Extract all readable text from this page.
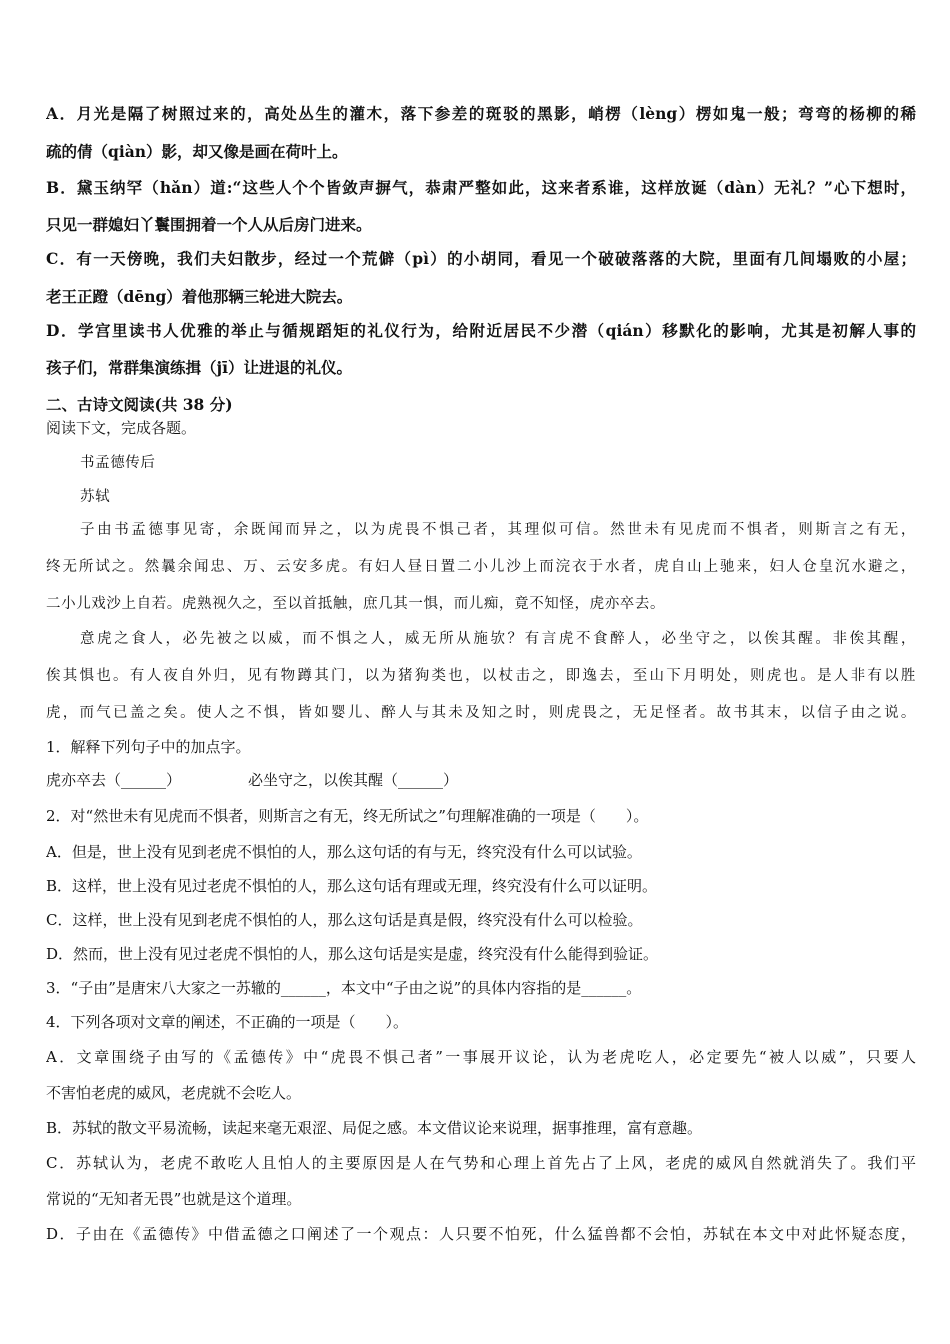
A．月光是隔了树照过来的，高处丛生的灌木，落下参差的斑驳的黑影，峭楞（lèng）楞如鬼一般；弯弯的杨柳的稀
疏的倩（qiàn）影，却又像是画在荷叶上。
B．黛玉纳罕（hǎn）道:“这些人个个皆敛声摒气，恭肃严整如此，这来者系谁，这样放诞（dàn）无礼？”心下想时，
只见一群媳妇丫鬟围拥着一个人从后房门进来。
C．有一天傍晚，我们夫妇散步，经过一个荒僻（pì）的小胡同，看见一个破破落落的大院，里面有几间塌败的小屋；
老王正蹬（dēng）着他那辆三轮进大院去。
D．学宫里读书人优雅的举止与循规蹈矩的礼仪行为，给附近居民不少潜（qián）移默化的影响，尤其是初解人事的
孩子们，常群集演练揖（jī）让进退的礼仪。
二、古诗文阅读(共 38 分)
阅读下文，完成各题。
书孟德传后
苏轼
子由书孟德事见寄，余既闻而异之，以为虎畏不惧己者，其理似可信。然世未有见虎而不惧者，则斯言之有无，
终无所试之。然曩余闻忠、万、云安多虎。有妇人昼日置二小儿沙上而浣衣于水者，虎自山上驰来，妇人仓皇沉水避之，
二小儿戏沙上自若。虎熟视久之，至以首抵触，庶几其一惧，而儿痴，竟不知怪，虎亦卒去。
意虎之食人，必先被之以威，而不惧之人，威无所从施欤？有言虎不食醉人，必坐守之，以俟其醒。非俟其醒，
俟其惧也。有人夜自外归，见有物蹲其门，以为猪狗类也，以杖击之，即逸去，至山下月明处，则虎也。是人非有以胜
虎，而气已盖之矣。使人之不惧，皆如婴儿、醉人与其未及知之时，则虎畏之，无足怪者。故书其末，以信子由之说。
1．解释下列句子中的加点字。
虎亦卒去（______）	必坐守之，以俟其醒（______）
2．对“然世未有见虎而不惧者，则斯言之有无，终无所试之”句理解准确的一项是（　　）。
A．但是，世上没有见到老虎不惧怕的人，那么这句话的有与无，终究没有什么可以试验。
B．这样，世上没有见过老虎不惧怕的人，那么这句话有理或无理，终究没有什么可以证明。
C．这样，世上没有见到老虎不惧怕的人，那么这句话是真是假，终究没有什么可以检验。
D．然而，世上没有见过老虎不惧怕的人，那么这句话是实是虚，终究没有什么能得到验证。
3．“子由”是唐宋八大家之一苏辙的______，本文中“子由之说”的具体内容指的是______。
4．下列各项对文章的阐述，不正确的一项是（　　）。
A．文章围绕子由写的《孟德传》中“虎畏不惧己者”一事展开议论，认为老虎吃人，必定要先“被人以威”，只要人
不害怕老虎的威风，老虎就不会吃人。
B．苏轼的散文平易流畅，读起来毫无艰涩、局促之感。本文借议论来说理，据事推理，富有意趣。
C．苏轼认为，老虎不敢吃人且怕人的主要原因是人在气势和心理上首先占了上风，老虎的威风自然就消失了。我们平
常说的“无知者无畏”也就是这个道理。
D．子由在《孟德传》中借孟德之口阐述了一个观点：人只要不怕死，什么猛兽都不会怕，苏轼在本文中对此怀疑态度，
